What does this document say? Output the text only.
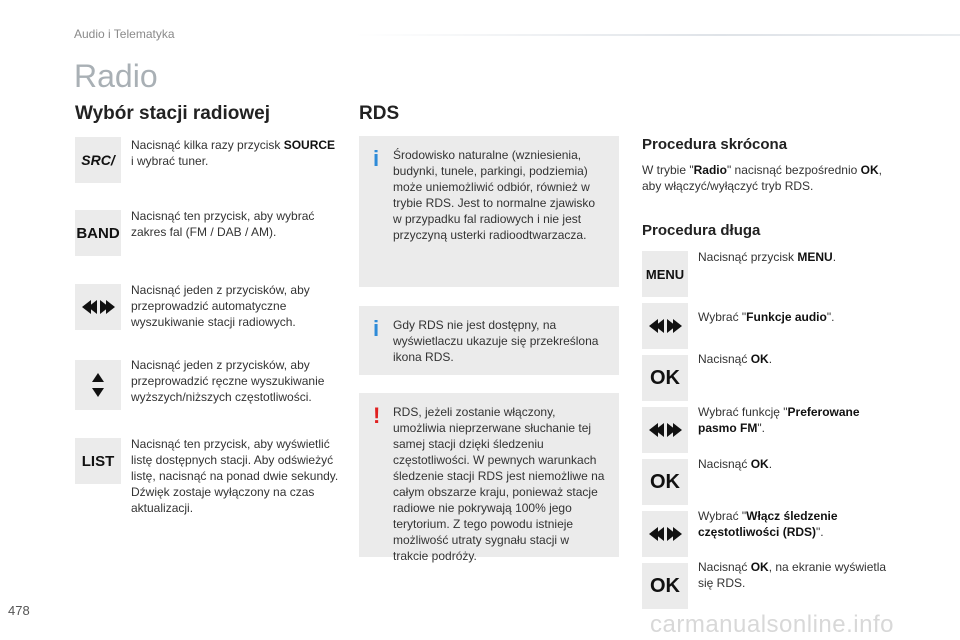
Audio i Telematyka
Radio
Wybór stacji radiowej
SRC/
Nacisnąć kilka razy przycisk SOURCE i wybrać tuner.
BAND
Nacisnąć ten przycisk, aby wybrać zakres fal (FM / DAB / AM).
Nacisnąć jeden z przycisków, aby przeprowadzić automatyczne wyszukiwanie stacji radiowych.
Nacisnąć jeden z przycisków, aby przeprowadzić ręczne wyszukiwanie wyższych/niższych częstotliwości.
LIST
Nacisnąć ten przycisk, aby wyświetlić listę dostępnych stacji. Aby odświeżyć listę, nacisnąć na ponad dwie sekundy. Dźwięk zostaje wyłączony na czas aktualizacji.
RDS
i Środowisko naturalne (wzniesienia, budynki, tunele, parkingi, podziemia) może uniemożliwić odbiór, również w trybie RDS. Jest to normalne zjawisko w przypadku fal radiowych i nie jest przyczyną usterki radioodtwarzacza.
i Gdy RDS nie jest dostępny, na wyświetlaczu ukazuje się przekreślona ikona RDS.
! RDS, jeżeli zostanie włączony, umożliwia nieprzerwane słuchanie tej samej stacji dzięki śledzeniu częstotliwości. W pewnych warunkach śledzenie stacji RDS jest niemożliwe na całym obszarze kraju, ponieważ stacje radiowe nie pokrywają 100% jego terytorium. Z tego powodu istnieje możliwość utraty sygnału stacji w trakcie podróży.
Procedura skrócona
W trybie "Radio" nacisnąć bezpośrednio OK, aby włączyć/wyłączyć tryb RDS.
Procedura długa
MENU
Nacisnąć przycisk MENU.
Wybrać "Funkcje audio".
OK
Nacisnąć OK.
Wybrać funkcję "Preferowane pasmo FM".
OK
Nacisnąć OK.
Wybrać "Włącz śledzenie częstotliwości (RDS)".
OK
Nacisnąć OK, na ekranie wyświetla się RDS.
478
carmanualsonline.info
